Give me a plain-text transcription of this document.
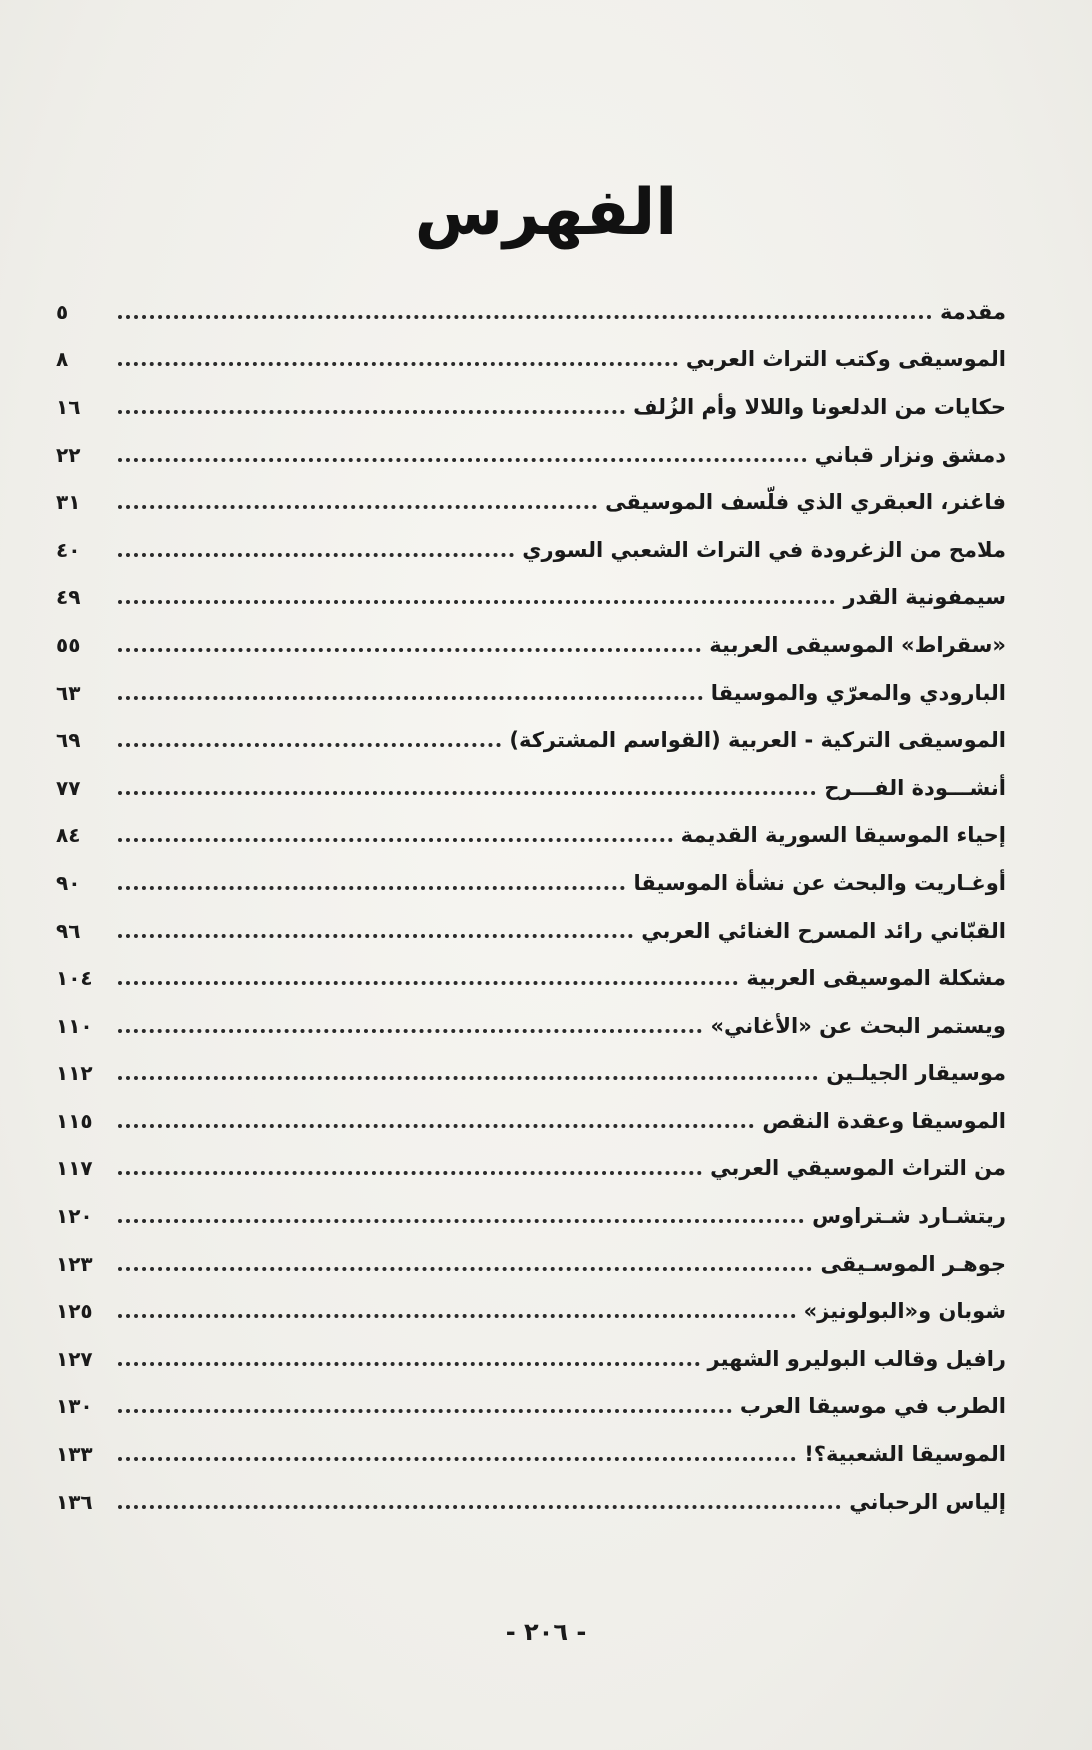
الفهرس
مقدمة
٥
الموسيقى وكتب التراث العربي
٨
حكايات من الدلعونا واللالا وأم الزُلف
١٦
دمشق ونزار قباني
٢٢
فاغنر، العبقري الذي فلّسف الموسيقى
٣١
ملامح من الزغرودة في التراث الشعبي السوري
٤٠
سيمفونية القدر
٤٩
«سقراط» الموسيقى العربية
٥٥
البارودي والمعرّي والموسيقا
٦٣
الموسيقى التركية - العربية (القواسم المشتركة)
٦٩
أنشـــودة الفـــرح
٧٧
إحياء الموسيقا السورية القديمة
٨٤
أوغـاريت والبحث عن نشأة الموسيقا
٩٠
القبّاني رائد المسرح الغنائي العربي
٩٦
مشكلة الموسيقى العربية
١٠٤
ويستمر البحث عن «الأغاني»
١١٠
موسيقار الجيلـين
١١٢
الموسيقا وعقدة النقص
١١٥
من التراث الموسيقي العربي
١١٧
ريتشـارد شـتراوس
١٢٠
جوهـر الموسـيقى
١٢٣
شوبان و«البولونيز»
١٢٥
رافيل وقالب البوليرو الشهير
١٢٧
الطرب في موسيقا العرب
١٣٠
الموسيقا الشعبية؟!
١٣٣
إلياس الرحباني
١٣٦
- ٢٠٦ -
